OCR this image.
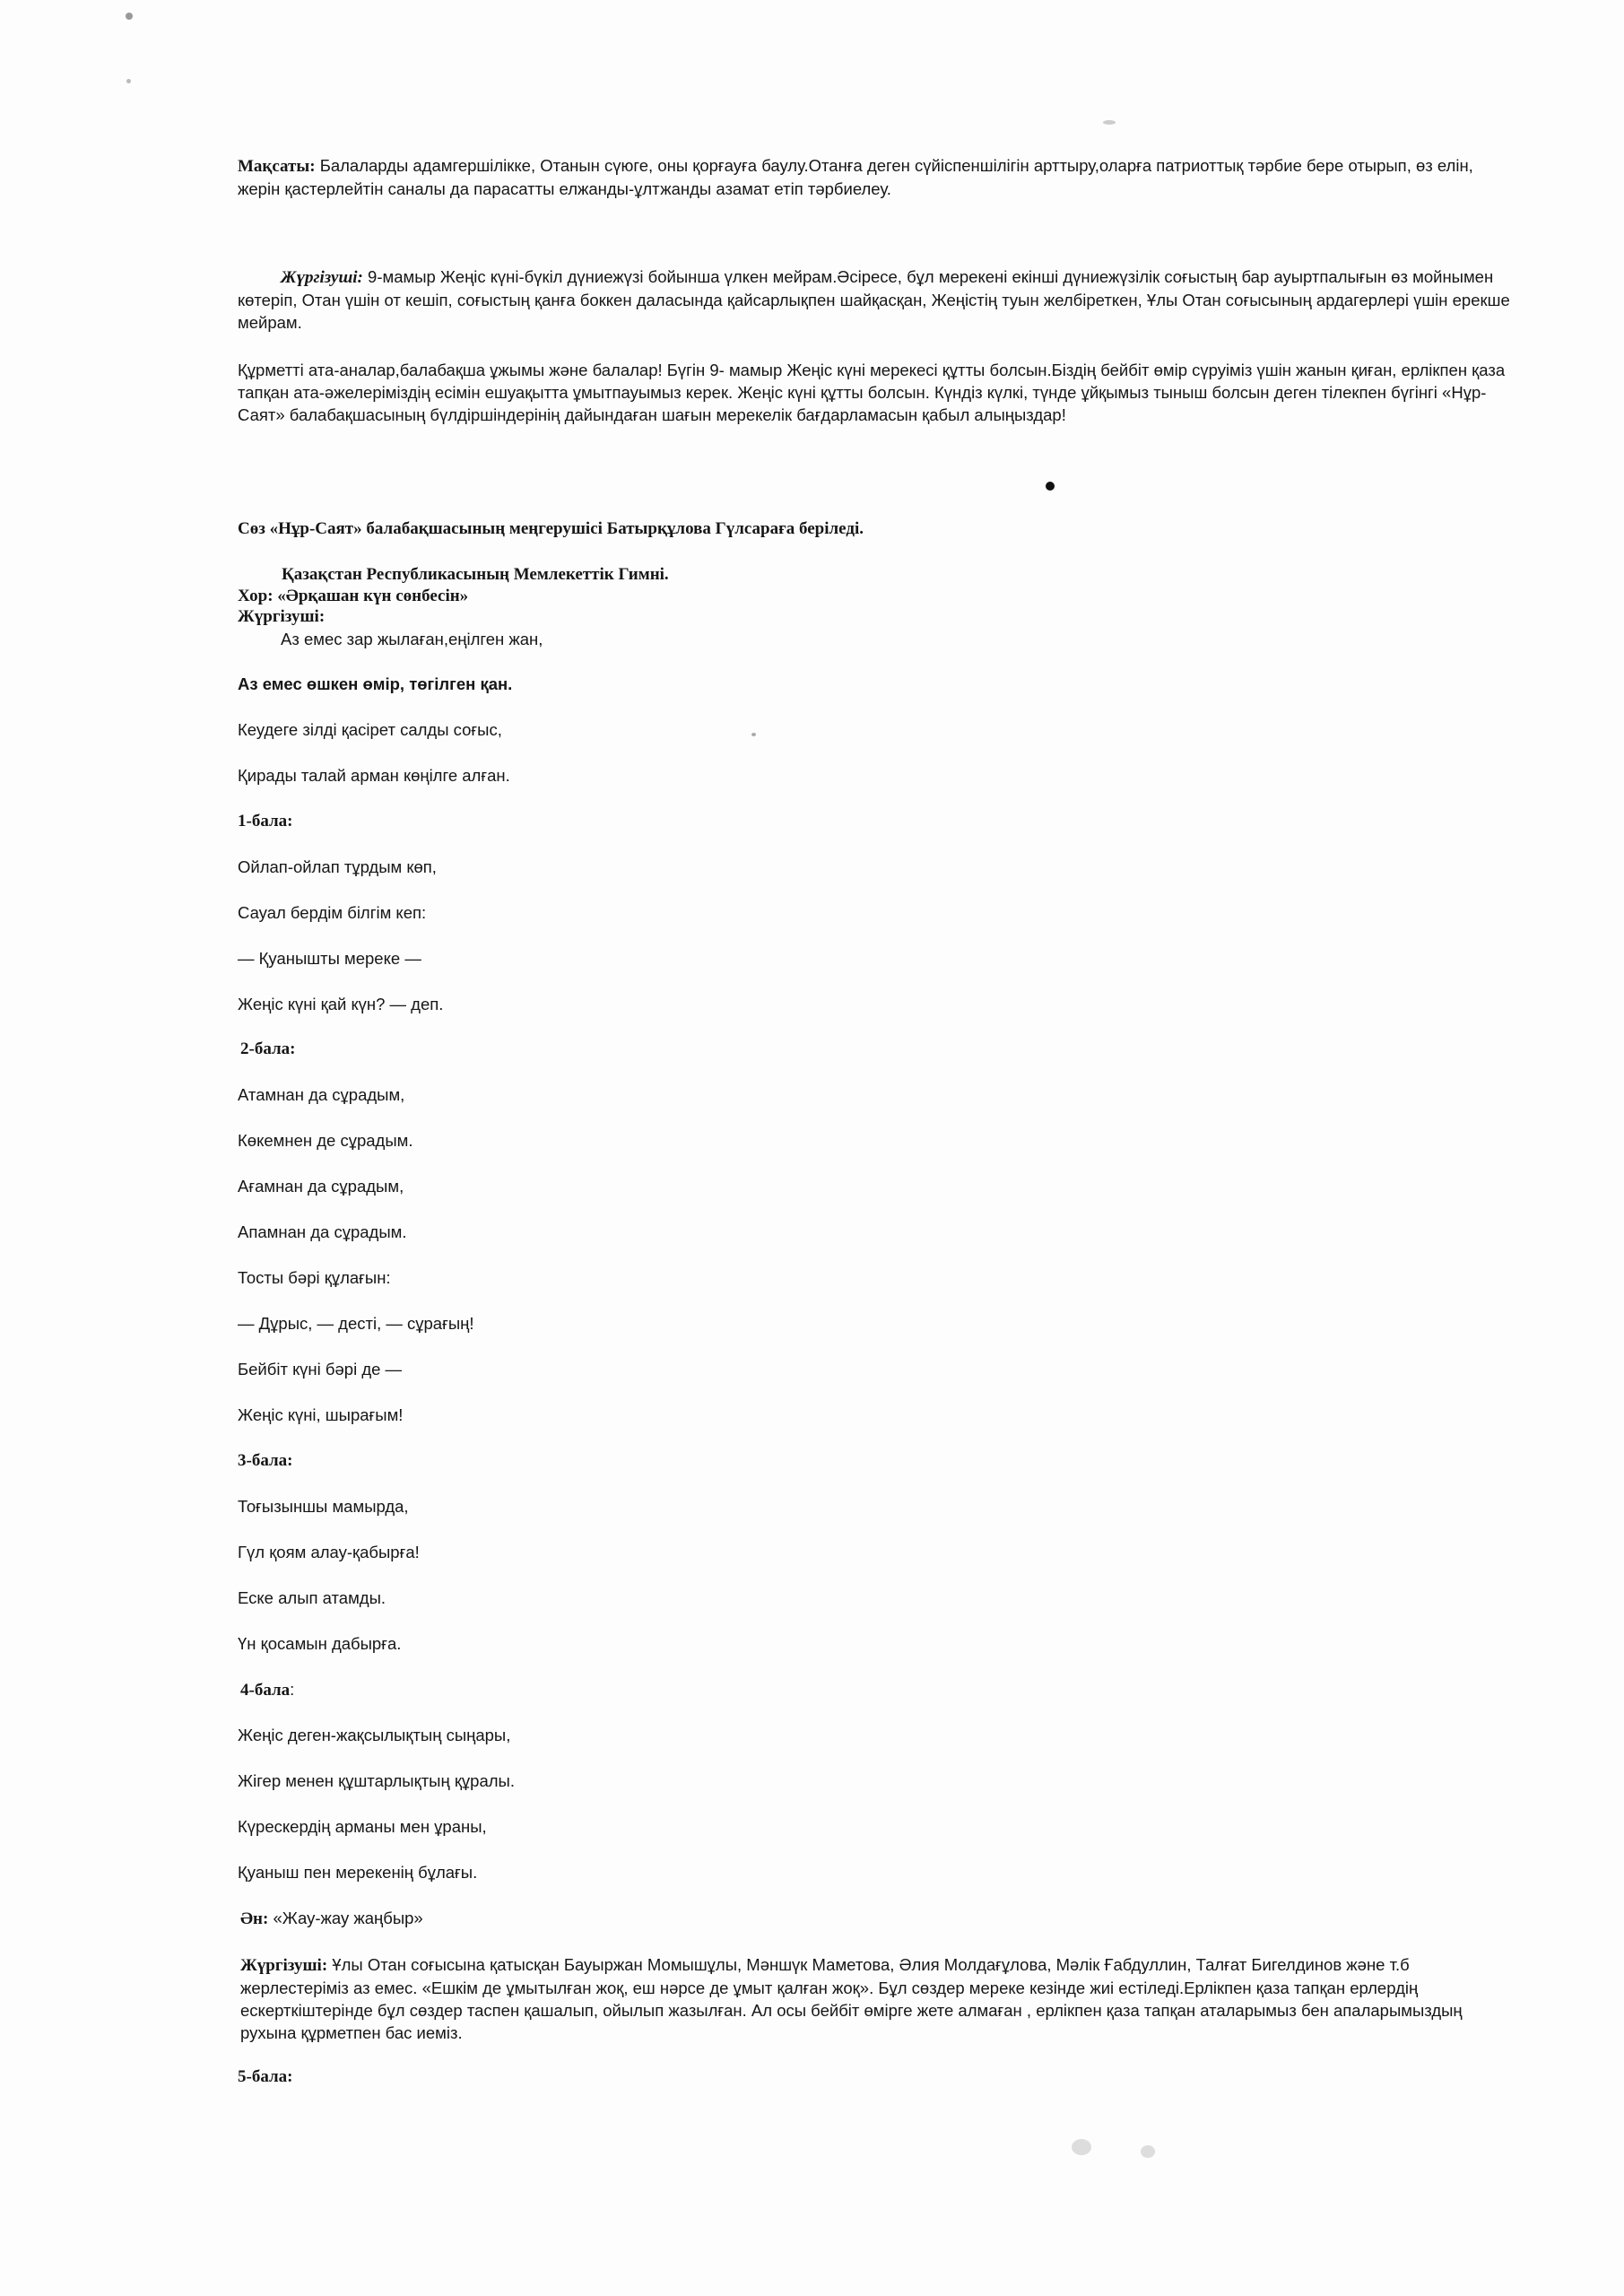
Мақсаты: Балаларды адамгершілікке, Отанын сүюге, оны қорғауға баулу.Отанға деген сүйіспеншілігін арттыру,оларға патриоттық тәрбие бере отырып, өз елін, жерін қастерлейтін саналы да парасатты елжанды-ұлтжанды азамат етіп тәрбиелеу.
Жүргізуші: 9-мамыр Жеңіс күні-бүкіл дүниежүзі бойынша үлкен мейрам.Әсіресе, бұл мерекені екінші дүниежүзілік соғыстың бар ауыртпалығын өз мойнымен көтеріп, Отан үшін от кешіп, соғыстың қанға боккен даласында қайсарлықпен шайқасқан, Жеңістің туын желбіреткен, Ұлы Отан соғысының ардагерлері үшін ерекше мейрам.
Құрметті ата-аналар,балабақша ұжымы және балалар! Бүгін 9- мамыр Жеңіс күні мерекесі құтты болсын.Біздің бейбіт өмір сүруіміз үшін жанын қиған, ерлікпен қаза тапқан ата-әжелеріміздің есімін ешуақытта ұмытпауымыз керек. Жеңіс күні құтты болсын. Күндіз күлкі, түнде ұйқымыз тыныш болсын деген тілекпен бүгінгі «Нұр-Саят» балабақшасының бүлдіршіндерінің дайындаған шағын мерекелік бағдарламасын қабыл алыңыздар!
Сөз «Нұр-Саят» балабақшасының меңгерушісі Батырқұлова Гүлсараға беріледі.
Қазақстан Республикасының Мемлекеттік Гимні.
Хор: «Әрқашан күн сөнбесін»
Жүргізуші:
Аз емес зар жылаған,еңілген жан,
Аз емес өшкен өмір, төгілген қан.
Кеудеге зілді қасірет салды соғыс,
Қирады талай арман көңілге алған.
1-бала:
Ойлап-ойлап тұрдым көп,
Сауал бердім білгім кеп:
— Қуанышты мереке —
Жеңіс күні қай күн? — деп.
2-бала:
Атамнан да сұрадым,
Көкемнен де сұрадым.
Ағамнан да сұрадым,
Апамнан да сұрадым.
Тосты бәрі құлағын:
— Дұрыс, — десті, — сұрағың!
Бейбіт күні бәрі де —
Жеңіс күні, шырағым!
3-бала:
Тоғызыншы мамырда,
Гүл қоям алау-қабырға!
Еске алып атамды.
Үн қосамын дабырға.
4-бала:
Жеңіс деген-жақсылықтың сыңары,
Жігер менен құштарлықтың құралы.
Күрескердің арманы мен ұраны,
Қуаныш пен мерекенің бұлағы.
Ән: «Жау-жау жаңбыр»
Жүргізуші: Ұлы Отан соғысына қатысқан Бауыржан Момышұлы, Мәншүк Маметова, Әлия Молдағұлова, Мәлік Ғабдуллин, Талғат Бигелдинов және т.б жерлестеріміз аз емес. «Ешкім де ұмытылған жоқ, еш нәрсе де ұмыт қалған жоқ». Бұл сөздер мереке кезінде жиі естіледі.Ерлікпен қаза тапқан ерлердің ескерткіштерінде бұл сөздер таспен қашалып, ойылып жазылған. Ал осы бейбіт өмірге жете алмаған , ерлікпен қаза тапқан аталарымыз бен апаларымыздың рухына құрметпен бас иеміз.
5-бала:
